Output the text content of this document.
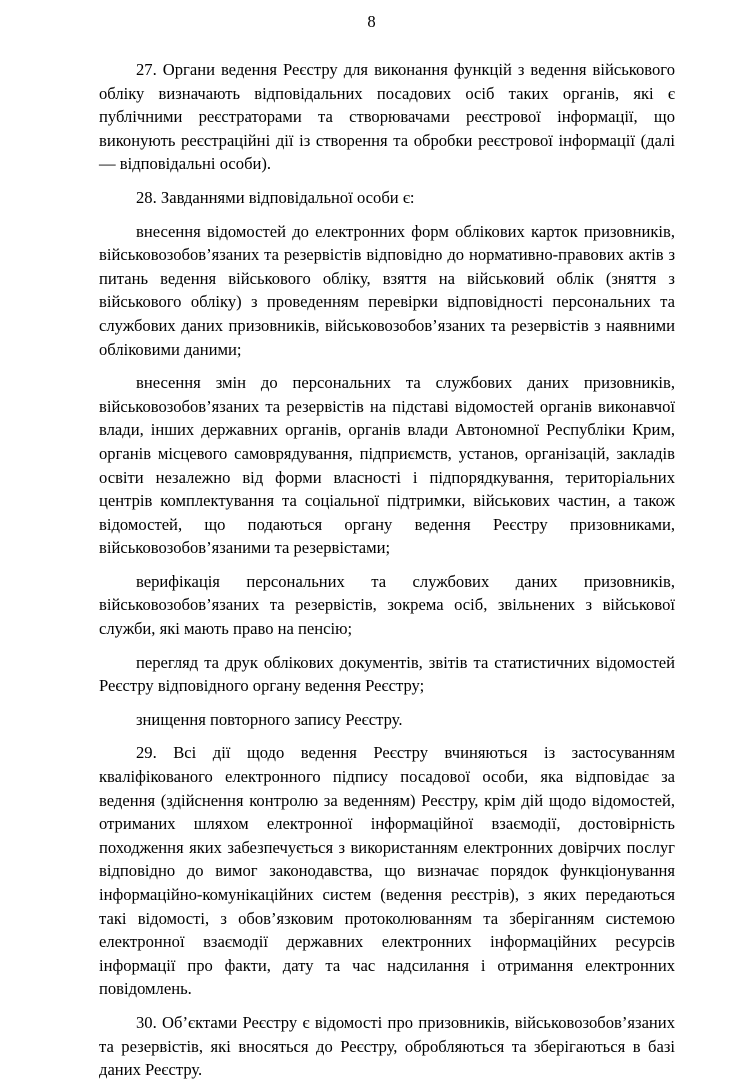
8

27. Органи ведення Реєстру для виконання функцій з ведення військового обліку визначають відповідальних посадових осіб таких органів, які є публічними реєстраторами та створювачами реєстрової інформації, що виконують реєстраційні дії із створення та обробки реєстрової інформації (далі — відповідальні особи).

28. Завданнями відповідальної особи є:

внесення відомостей до електронних форм облікових карток призовників, військовозобов’язаних та резервістів відповідно до нормативно-правових актів з питань ведення військового обліку, взяття на військовий облік (зняття з військового обліку) з проведенням перевірки відповідності персональних та службових даних призовників, військовозобов’язаних та резервістів з наявними обліковими даними;

внесення змін до персональних та службових даних призовників, військовозобов’язаних та резервістів на підставі відомостей органів виконавчої влади, інших державних органів, органів влади Автономної Республіки Крим, органів місцевого самоврядування, підприємств, установ, організацій, закладів освіти незалежно від форми власності і підпорядкування, територіальних центрів комплектування та соціальної підтримки, військових частин, а також відомостей, що подаються органу ведення Реєстру призовниками, військовозобов’язаними та резервістами;

верифікація персональних та службових даних призовників, військовозобов’язаних та резервістів, зокрема осіб, звільнених з військової служби, які мають право на пенсію;

перегляд та друк облікових документів, звітів та статистичних відомостей Реєстру відповідного органу ведення Реєстру;

знищення повторного запису Реєстру.

29. Всі дії щодо ведення Реєстру вчиняються із застосуванням кваліфікованого електронного підпису посадової особи, яка відповідає за ведення (здійснення контролю за веденням) Реєстру, крім дій щодо відомостей, отриманих шляхом електронної інформаційної взаємодії, достовірність походження яких забезпечується з використанням електронних довірчих послуг відповідно до вимог законодавства, що визначає порядок функціонування інформаційно-комунікаційних систем (ведення реєстрів), з яких передаються такі відомості, з обов’язковим протоколюванням та зберіганням системою електронної взаємодії державних електронних інформаційних ресурсів інформації про факти, дату та час надсилання і отримання електронних повідомлень.

30. Об’єктами Реєстру є відомості про призовників, військовозобов’язаних та резервістів, які вносяться до Реєстру, обробляються та зберігаються в базі даних Реєстру.
